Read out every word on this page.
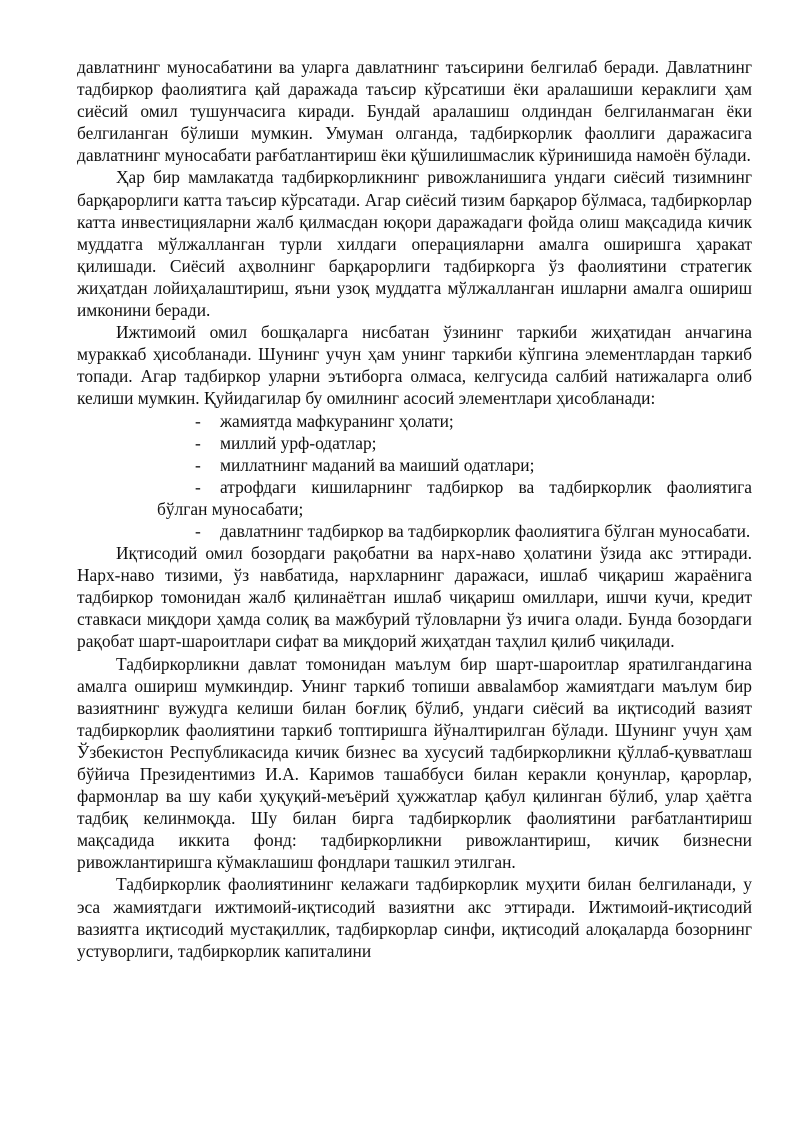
давлатнинг муносабатини ва уларга давлатнинг таъсирини белгилаб беради. Давлатнинг тадбиркор фаолиятига қай даражада таъсир кўрсатиши ёки аралашиши кераклиги ҳам сиёсий омил тушунчасига киради. Бундай аралашиш олдиндан белгиланмаган ёки белгиланган бўлиши мумкин. Умуман олганда, тадбиркорлик фаоллиги даражасига давлатнинг муносабати рағбатлантириш ёки қўшилишмаслик кўринишида намоён бўлади.

Ҳар бир мамлакатда тадбиркорликнинг ривожланишига ундаги сиёсий тизимнинг барқарорлиги катта таъсир кўрсатади. Агар сиёсий тизим барқарор бўлмаса, тадбиркорлар катта инвестицияларни жалб қилмасдан юқори даражадаги фойда олиш мақсадида кичик муддатга мўлжалланган турли хилдаги операцияларни амалга оширишга ҳаракат қилишади. Сиёсий аҳволнинг барқарорлиги тадбиркорга ўз фаолиятини стратегик жиҳатдан лойиҳалаштириш, яъни узоқ муддатга мўлжалланган ишларни амалга ошириш имконини беради.

Ижтимоий омил бошқаларга нисбатан ўзининг таркиби жиҳатидан анчагина мураккаб ҳисобланади. Шунинг учун ҳам унинг таркиби кўпгина элементлардан таркиб топади. Агар тадбиркор уларни эътиборга олмаса, келгусида салбий натижаларга олиб келиши мумкин. Қуйидагилар бу омилнинг асосий элементлари ҳисобланади:

- жамиятда мафкуранинг ҳолати;
- миллий урф-одатлар;
- миллатнинг маданий ва маиший одатлари;
- атрофдаги кишиларнинг тадбиркор ва тадбиркорлик фаолиятига бўлган муносабати;
- давлатнинг тадбиркор ва тадбиркорлик фаолиятига бўлган муносабати.

Иқтисодий омил бозордаги рақобатни ва нарх-наво ҳолатини ўзида акс эттиради. Нарх-наво тизими, ўз навбатида, нархларнинг даражаси, ишлаб чиқариш жараёнига тадбиркор томонидан жалб қилинаётган ишлаб чиқариш омиллари, ишчи кучи, кредит ставкаси миқдори ҳамда солиқ ва мажбурий тўловларни ўз ичига олади. Бунда бозордаги рақобат шарт-шароитлари сифат ва миқдорий жиҳатдан таҳлил қилиб чиқилади.

Тадбиркорликни давлат томонидан маълум бир шарт-шароитлар яратилгандагина амалга ошириш мумкиндир. Унинг таркиб топиши аввalамбор жамиятдаги маълум бир вазиятнинг вужудга келиши билан боғлиқ бўлиб, ундаги сиёсий ва иқтисодий вазият тадбиркорлик фаолиятини таркиб топтиришга йўналтирилган бўлади. Шунинг учун ҳам Ўзбекистон Республикасида кичик бизнес ва хусусий тадбиркорликни қўллаб-қувватлаш бўйича Президентимиз И.А. Каримов ташаббуси билан керакли қонунлар, қарорлар, фармонлар ва шу каби ҳуқуқий-меъёрий ҳужжатлар қабул қилинган бўлиб, улар ҳаётга тадбиқ келинмоқда. Шу билан бирга тадбиркорлик фаолиятини рағбатлантириш мақсадида иккита фонд: тадбиркорликни ривожлантириш, кичик бизнесни ривожлантиришга кўмаклашиш фондлари ташкил этилган.

Тадбиркорлик фаолиятининг келажаги тадбиркорлик муҳити билан белгиланади, у эса жамиятдаги ижтимоий-иқтисодий вазиятни акс эттиради. Ижтимоий-иқтисодий вазиятга иқтисодий мустақиллик, тадбиркорлар синфи, иқтисодий алоқаларда бозорнинг устуворлиги, тадбиркорлик капиталини
